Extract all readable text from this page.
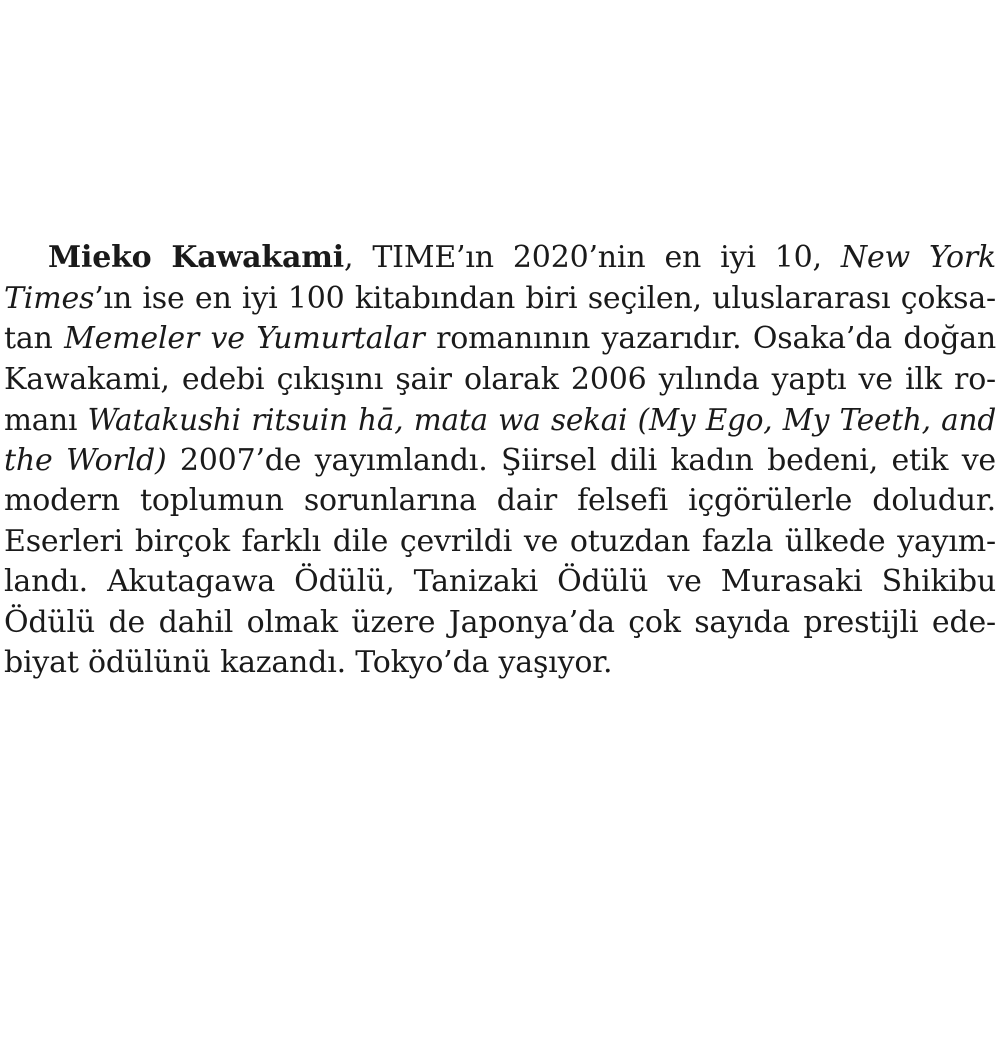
Mieko Kawakami, TIME’ın 2020’nin en iyi 10, New York
Times’ın ise en iyi 100 kitabından biri seçilen, uluslararası çoksa-
tan Memeler ve Yumurtalar romanının yazarıdır. Osaka’da doğan
Kawakami, edebi çıkışını şair olarak 2006 yılında yaptı ve ilk ro-
manı Watakushi ritsuin hā, mata wa sekai (My Ego, My Teeth, and
the World) 2007’de yayımlandı. Şiirsel dili kadın bedeni, etik ve
modern toplumun sorunlarına dair felsefi içgörülerle doludur.
Eserleri birçok farklı dile çevrildi ve otuzdan fazla ülkede yayım-
landı. Akutagawa Ödülü, Tanizaki Ödülü ve Murasaki Shikibu
Ödülü de dahil olmak üzere Japonya’da çok sayıda prestijli ede-
biyat ödülünü kazandı. Tokyo’da yaşıyor.
